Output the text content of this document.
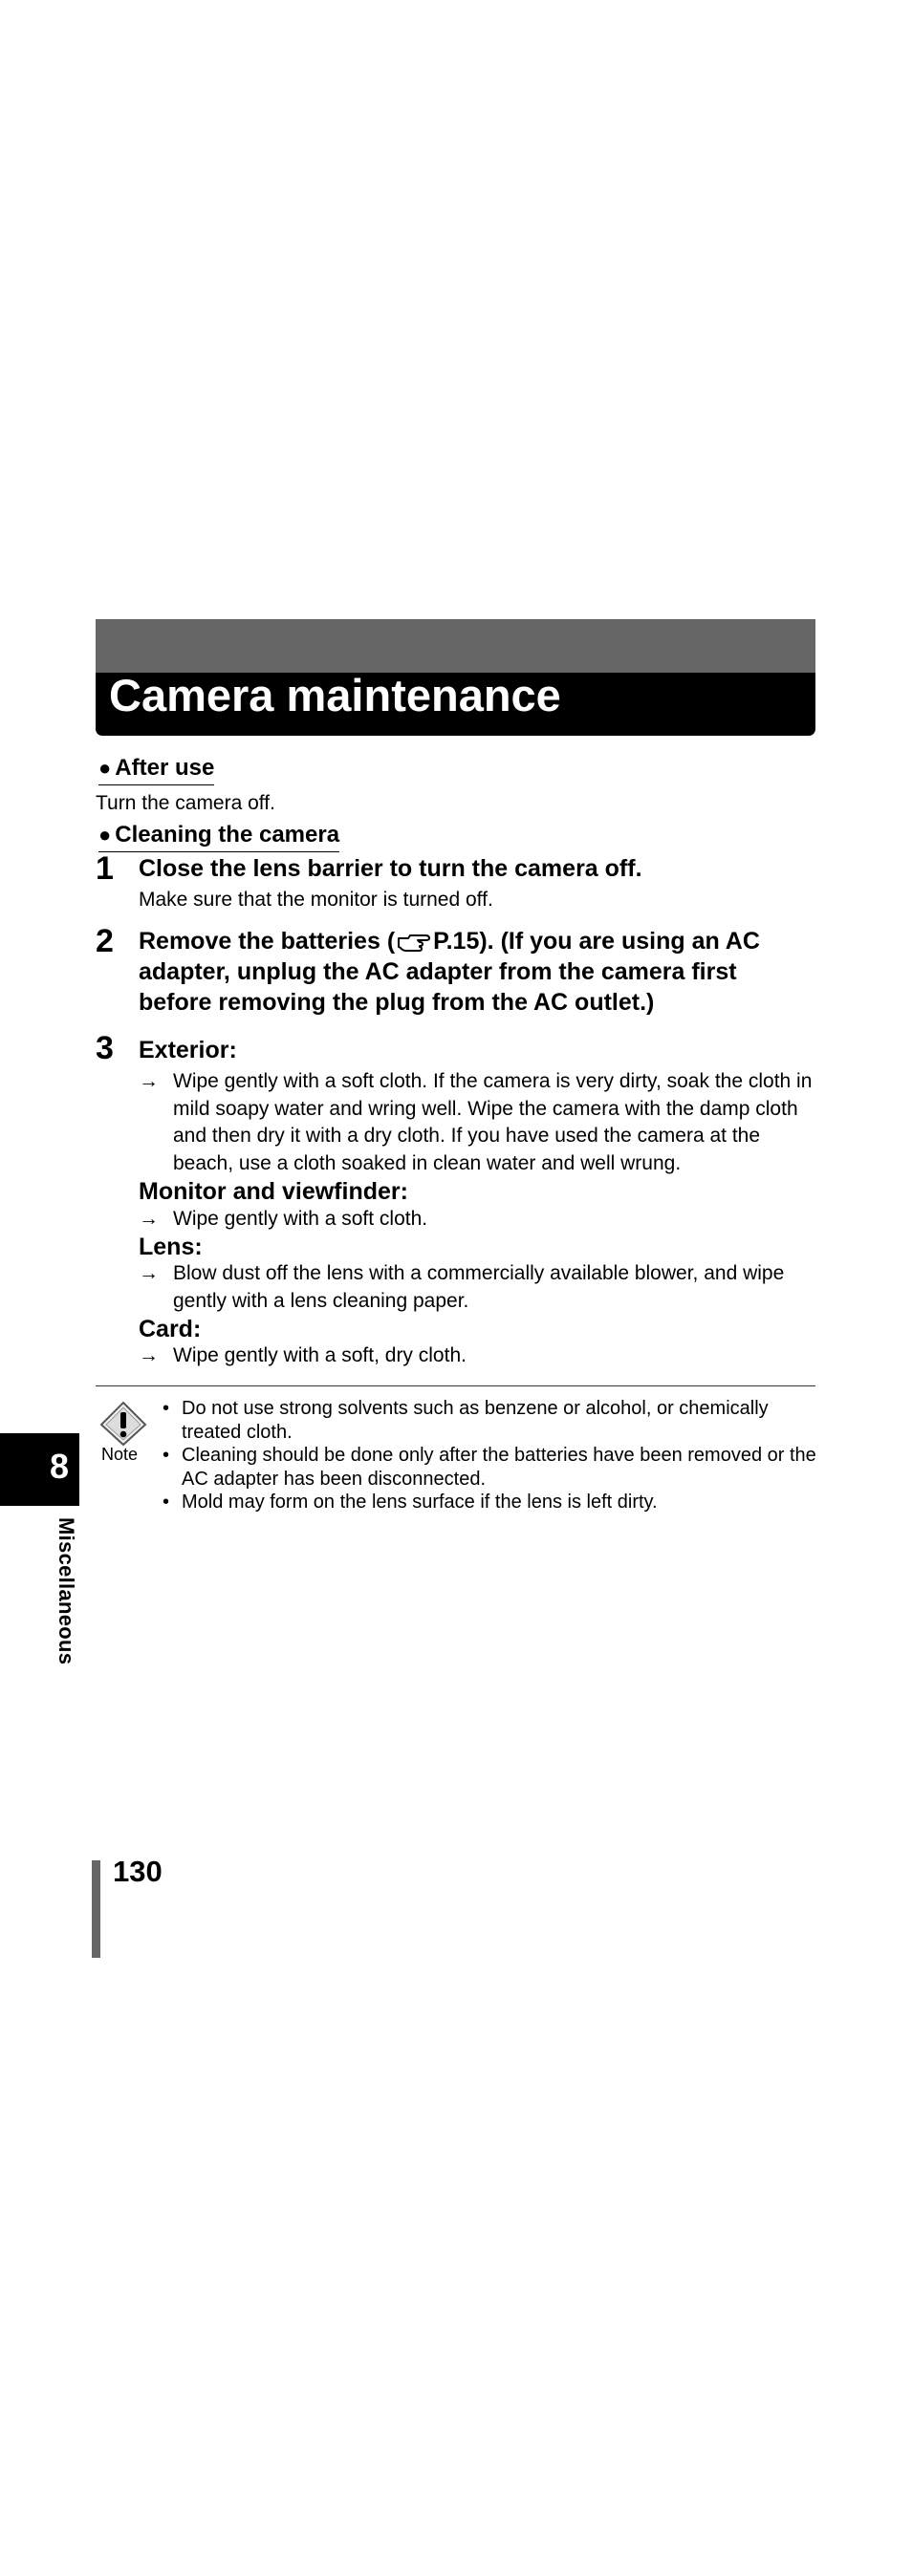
Camera maintenance
● After use
Turn the camera off.
● Cleaning the camera
1 Close the lens barrier to turn the camera off.
Make sure that the monitor is turned off.
2 Remove the batteries ( P.15). (If you are using an AC adapter, unplug the AC adapter from the camera first before removing the plug from the AC outlet.)
3 Exterior:
→ Wipe gently with a soft cloth. If the camera is very dirty, soak the cloth in mild soapy water and wring well. Wipe the camera with the damp cloth and then dry it with a dry cloth. If you have used the camera at the beach, use a cloth soaked in clean water and well wrung.
Monitor and viewfinder:
→ Wipe gently with a soft cloth.
Lens:
→ Blow dust off the lens with a commercially available blower, and wipe gently with a lens cleaning paper.
Card:
→ Wipe gently with a soft, dry cloth.
Note
• Do not use strong solvents such as benzene or alcohol, or chemically treated cloth.
• Cleaning should be done only after the batteries have been removed or the AC adapter has been disconnected.
• Mold may form on the lens surface if the lens is left dirty.
8
Miscellaneous
130
